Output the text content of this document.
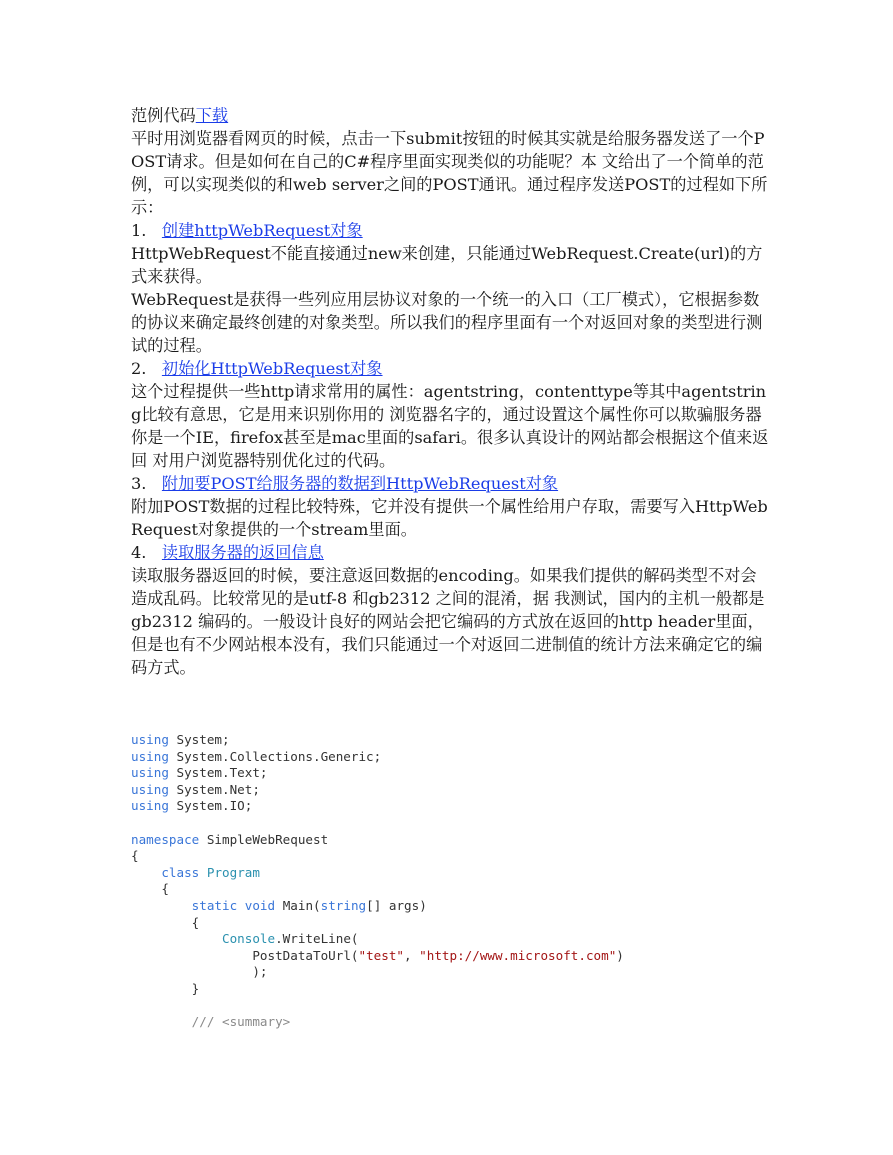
范例代码下载

平时用浏览器看网页的时候，点击一下submit按钮的时候其实就是给服务器发送了一个POST请求。但是如何在自己的C#程序里面实现类似的功能呢？本 文给出了一个简单的范例，可以实现类似的和web server之间的POST通讯。通过程序发送POST的过程如下所示：

1. 创建httpWebRequest对象

HttpWebRequest不能直接通过new来创建，只能通过WebRequest.Create(url)的方式来获得。

WebRequest是获得一些列应用层协议对象的一个统一的入口（工厂模式），它根据参数的协议来确定最终创建的对象类型。所以我们的程序里面有一个对返回对象的类型进行测试的过程。

2. 初始化HttpWebRequest对象

这个过程提供一些http请求常用的属性：agentstring，contenttype等其中agentstring比较有意思，它是用来识别你用的 浏览器名字的，通过设置这个属性你可以欺骗服务器你是一个IE，firefox甚至是mac里面的safari。很多认真设计的网站都会根据这个值来返回 对用户浏览器特别优化过的代码。

3. 附加要POST给服务器的数据到HttpWebRequest对象

附加POST数据的过程比较特殊，它并没有提供一个属性给用户存取，需要写入HttpWebRequest对象提供的一个stream里面。

4. 读取服务器的返回信息

读取服务器返回的时候，要注意返回数据的encoding。如果我们提供的解码类型不对会造成乱码。比较常见的是utf-8 和gb2312 之间的混淆，据 我测试，国内的主机一般都是gb2312 编码的。一般设计良好的网站会把它编码的方式放在返回的http header里面，但是也有不少网站根本没有，我们只能通过一个对返回二进制值的统计方法来确定它的编码方式。

using System;
using System.Collections.Generic;
using System.Text;
using System.Net;
using System.IO;
namespace SimpleWebRequest
{
class Program
{
static void Main(string[] args)
{
Console.WriteLine(
PostDataToUrl("test", "http://www.microsoft.com")
);
}
/// <summary>
